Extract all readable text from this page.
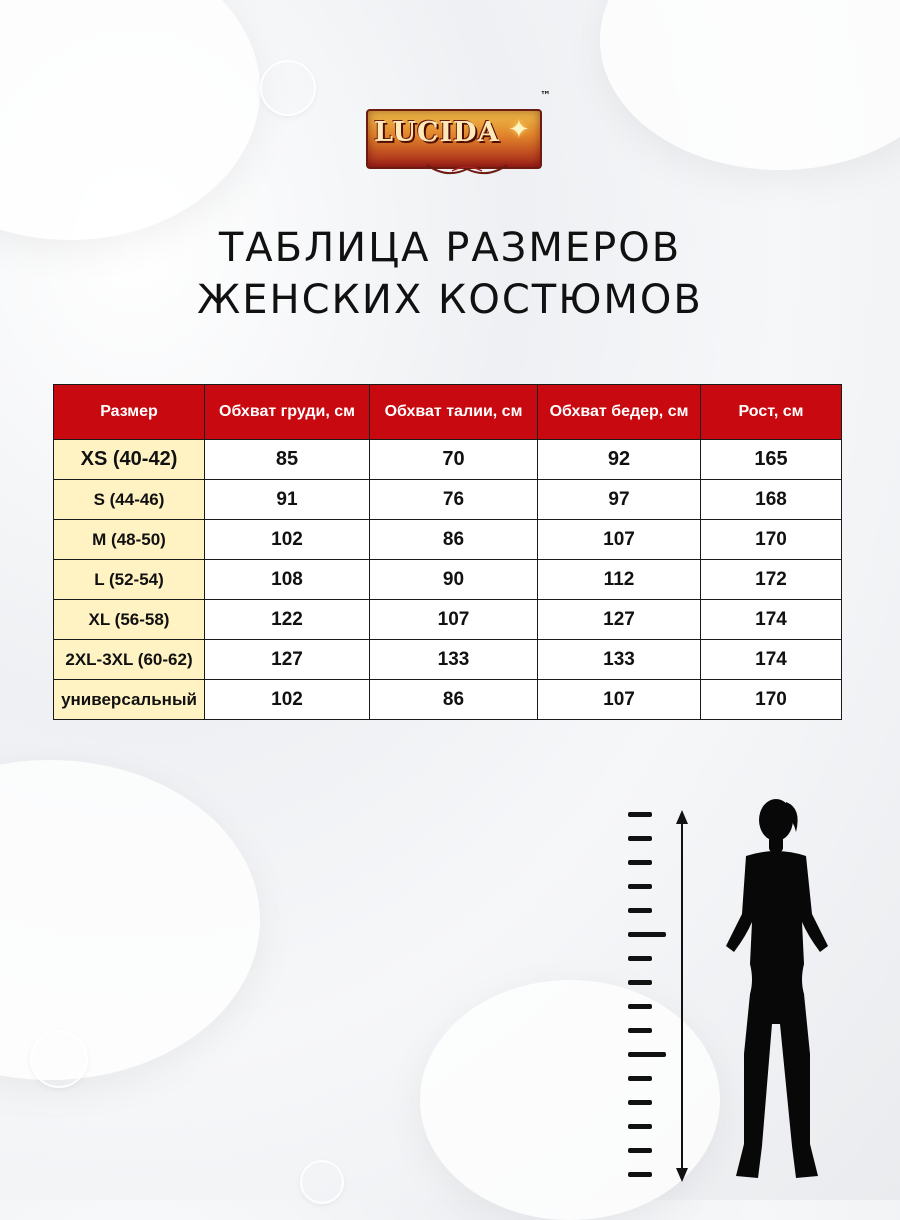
LUCIDA ✦
™
ТАБЛИЦА РАЗМЕРОВ
ЖЕНСКИХ КОСТЮМОВ
Размер	Обхват груди, см	Обхват талии, см	Обхват бедер, см	Рост, см
XS (40-42)	85	70	92	165
S (44-46)	91	76	97	168
M (48-50)	102	86	107	170
L (52-54)	108	90	112	172
XL (56-58)	122	107	127	174
2XL-3XL (60-62)	127	133	133	174
универсальный	102	86	107	170
